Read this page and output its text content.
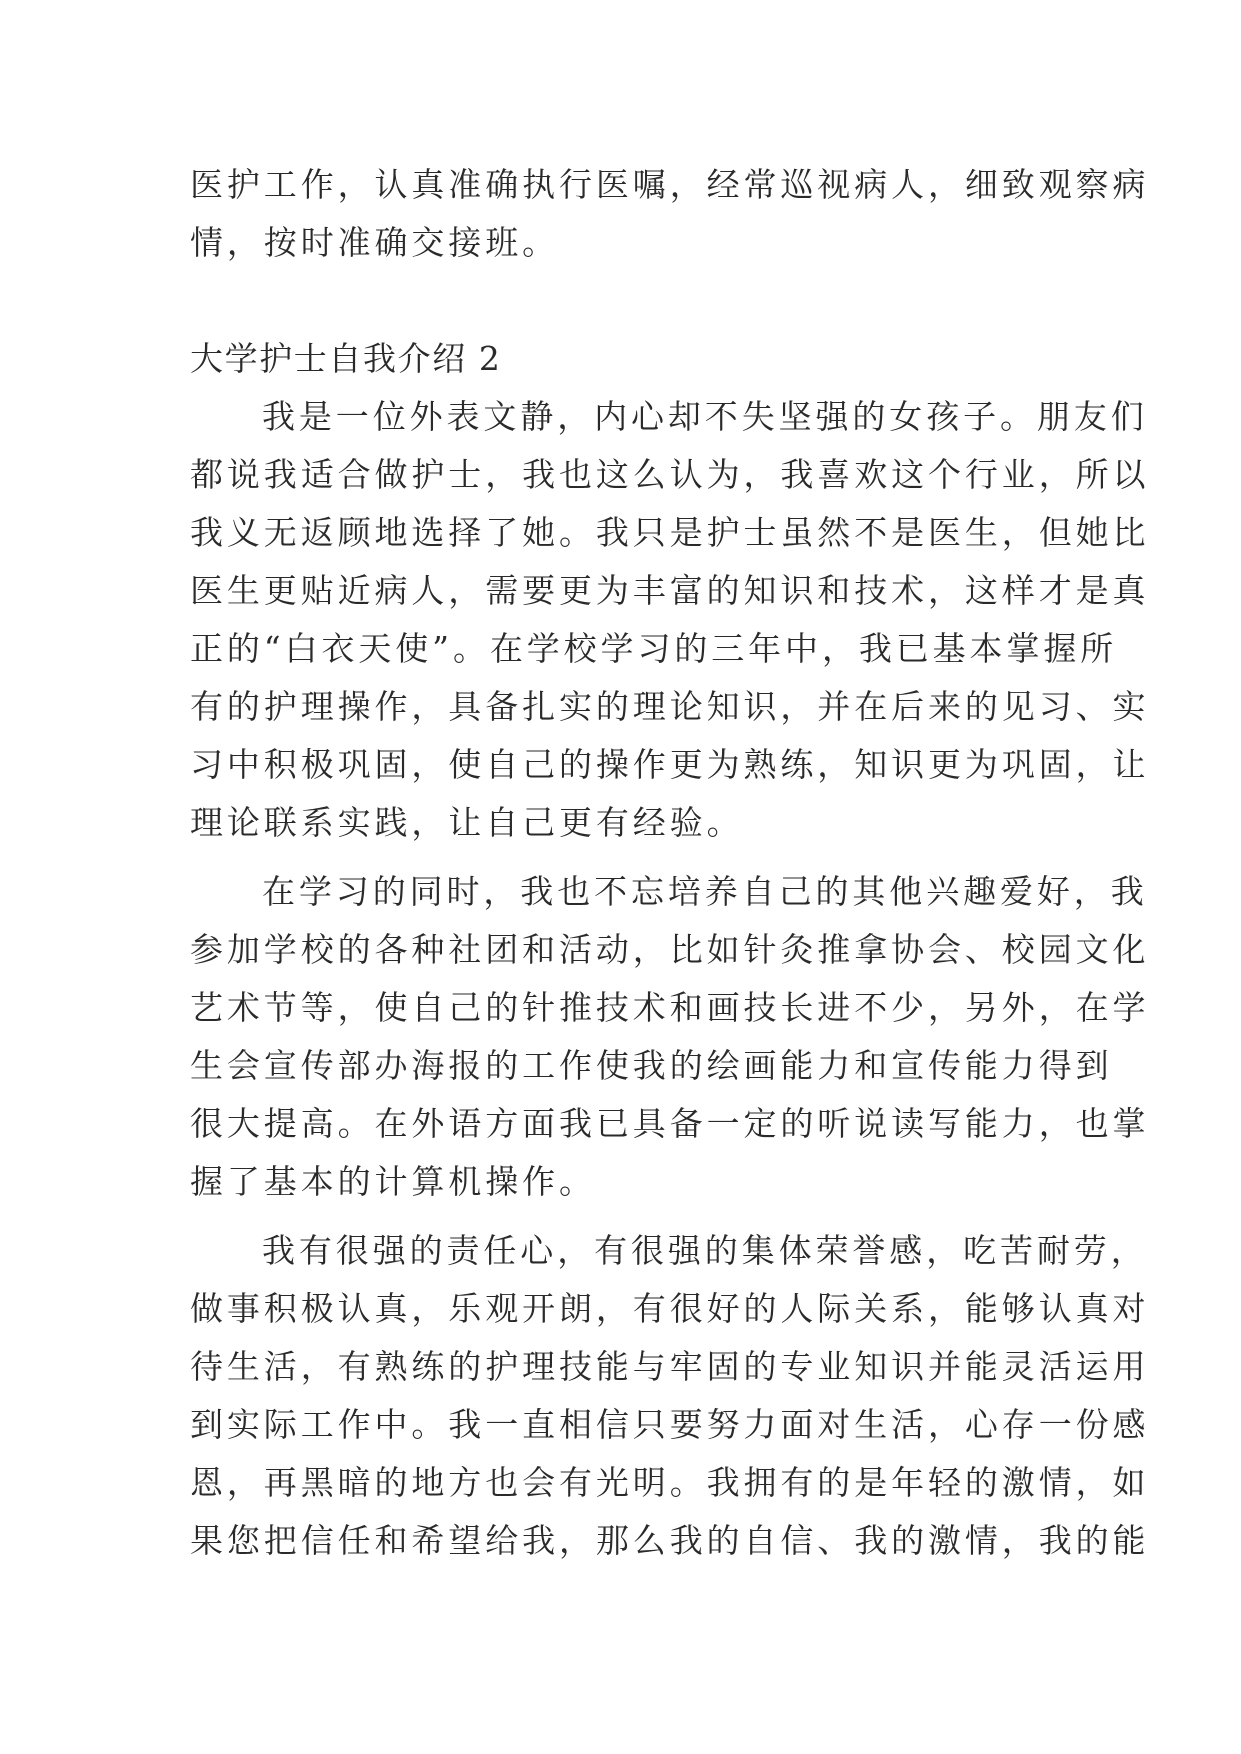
医护工作，认真准确执行医嘱，经常巡视病人，细致观察病
情，按时准确交接班。
大学护士自我介绍 2
我是一位外表文静，内心却不失坚强的女孩子。朋友们
都说我适合做护士，我也这么认为，我喜欢这个行业，所以
我义无返顾地选择了她。我只是护士虽然不是医生，但她比
医生更贴近病人，需要更为丰富的知识和技术，这样才是真
正的“白衣天使”。在学校学习的三年中，我已基本掌握所
有的护理操作，具备扎实的理论知识，并在后来的见习、实
习中积极巩固，使自己的操作更为熟练，知识更为巩固，让
理论联系实践，让自己更有经验。
在学习的同时，我也不忘培养自己的其他兴趣爱好，我
参加学校的各种社团和活动，比如针灸推拿协会、校园文化
艺术节等，使自己的针推技术和画技长进不少，另外，在学
生会宣传部办海报的工作使我的绘画能力和宣传能力得到
很大提高。在外语方面我已具备一定的听说读写能力，也掌
握了基本的计算机操作。
我有很强的责任心，有很强的集体荣誉感，吃苦耐劳，
做事积极认真，乐观开朗，有很好的人际关系，能够认真对
待生活，有熟练的护理技能与牢固的专业知识并能灵活运用
到实际工作中。我一直相信只要努力面对生活，心存一份感
恩，再黑暗的地方也会有光明。我拥有的是年轻的激情，如
果您把信任和希望给我，那么我的自信、我的激情，我的能
